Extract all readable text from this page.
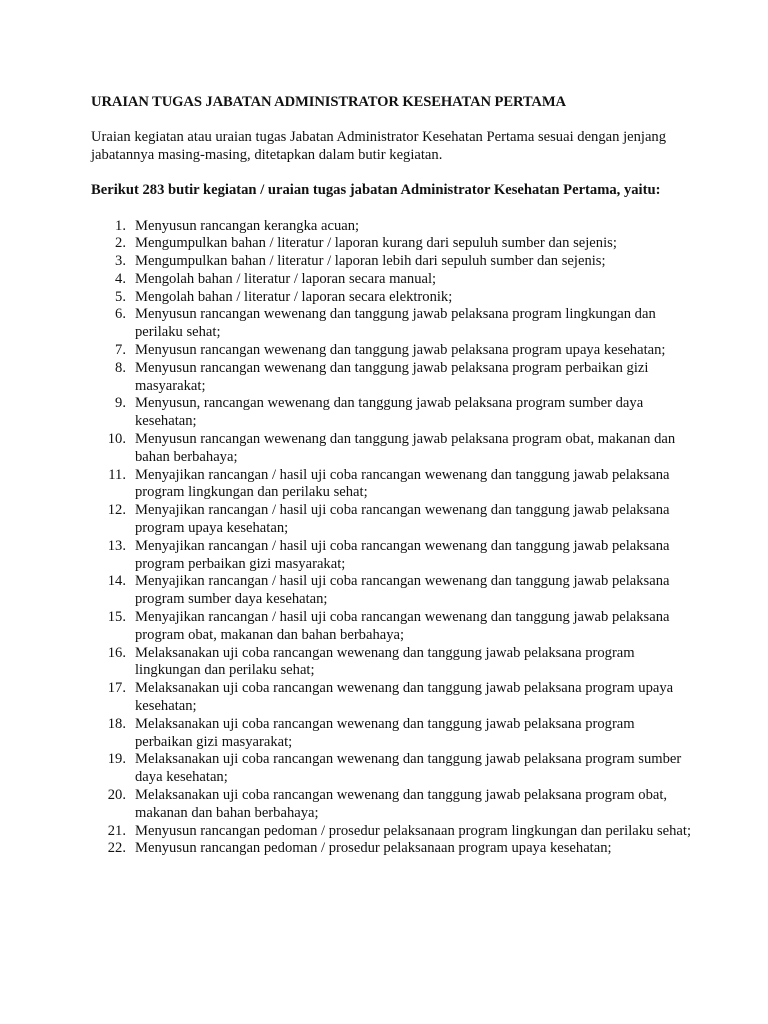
URAIAN TUGAS JABATAN ADMINISTRATOR KESEHATAN PERTAMA

Uraian kegiatan atau uraian tugas Jabatan Administrator Kesehatan Pertama sesuai dengan jenjang jabatannya masing-masing, ditetapkan dalam butir kegiatan.

Berikut 283 butir kegiatan / uraian tugas jabatan Administrator Kesehatan Pertama, yaitu:

1. Menyusun rancangan kerangka acuan;
2. Mengumpulkan bahan / literatur / laporan kurang dari sepuluh sumber dan sejenis;
3. Mengumpulkan bahan / literatur / laporan lebih dari sepuluh sumber dan sejenis;
4. Mengolah bahan / literatur / laporan secara manual;
5. Mengolah bahan / literatur / laporan secara elektronik;
6. Menyusun rancangan wewenang dan tanggung jawab pelaksana program lingkungan dan perilaku sehat;
7. Menyusun rancangan wewenang dan tanggung jawab pelaksana program upaya kesehatan;
8. Menyusun rancangan wewenang dan tanggung jawab pelaksana program perbaikan gizi masyarakat;
9. Menyusun, rancangan wewenang dan tanggung jawab pelaksana program sumber daya kesehatan;
10. Menyusun rancangan wewenang dan tanggung jawab pelaksana program obat, makanan dan bahan berbahaya;
11. Menyajikan rancangan / hasil uji coba rancangan wewenang dan tanggung jawab pelaksana program lingkungan dan perilaku sehat;
12. Menyajikan rancangan / hasil uji coba rancangan wewenang dan tanggung jawab pelaksana program upaya kesehatan;
13. Menyajikan rancangan / hasil uji coba rancangan wewenang dan tanggung jawab pelaksana program perbaikan gizi masyarakat;
14. Menyajikan rancangan / hasil uji coba rancangan wewenang dan tanggung jawab pelaksana program sumber daya kesehatan;
15. Menyajikan rancangan / hasil uji coba rancangan wewenang dan tanggung jawab pelaksana program obat, makanan dan bahan berbahaya;
16. Melaksanakan uji coba rancangan wewenang dan tanggung jawab pelaksana program lingkungan dan perilaku sehat;
17. Melaksanakan uji coba rancangan wewenang dan tanggung jawab pelaksana program upaya kesehatan;
18. Melaksanakan uji coba rancangan wewenang dan tanggung jawab pelaksana program perbaikan gizi masyarakat;
19. Melaksanakan uji coba rancangan wewenang dan tanggung jawab pelaksana program sumber daya kesehatan;
20. Melaksanakan uji coba rancangan wewenang dan tanggung jawab pelaksana program obat, makanan dan bahan berbahaya;
21. Menyusun rancangan pedoman / prosedur pelaksanaan program lingkungan dan perilaku sehat;
22. Menyusun rancangan pedoman / prosedur pelaksanaan program upaya kesehatan;
